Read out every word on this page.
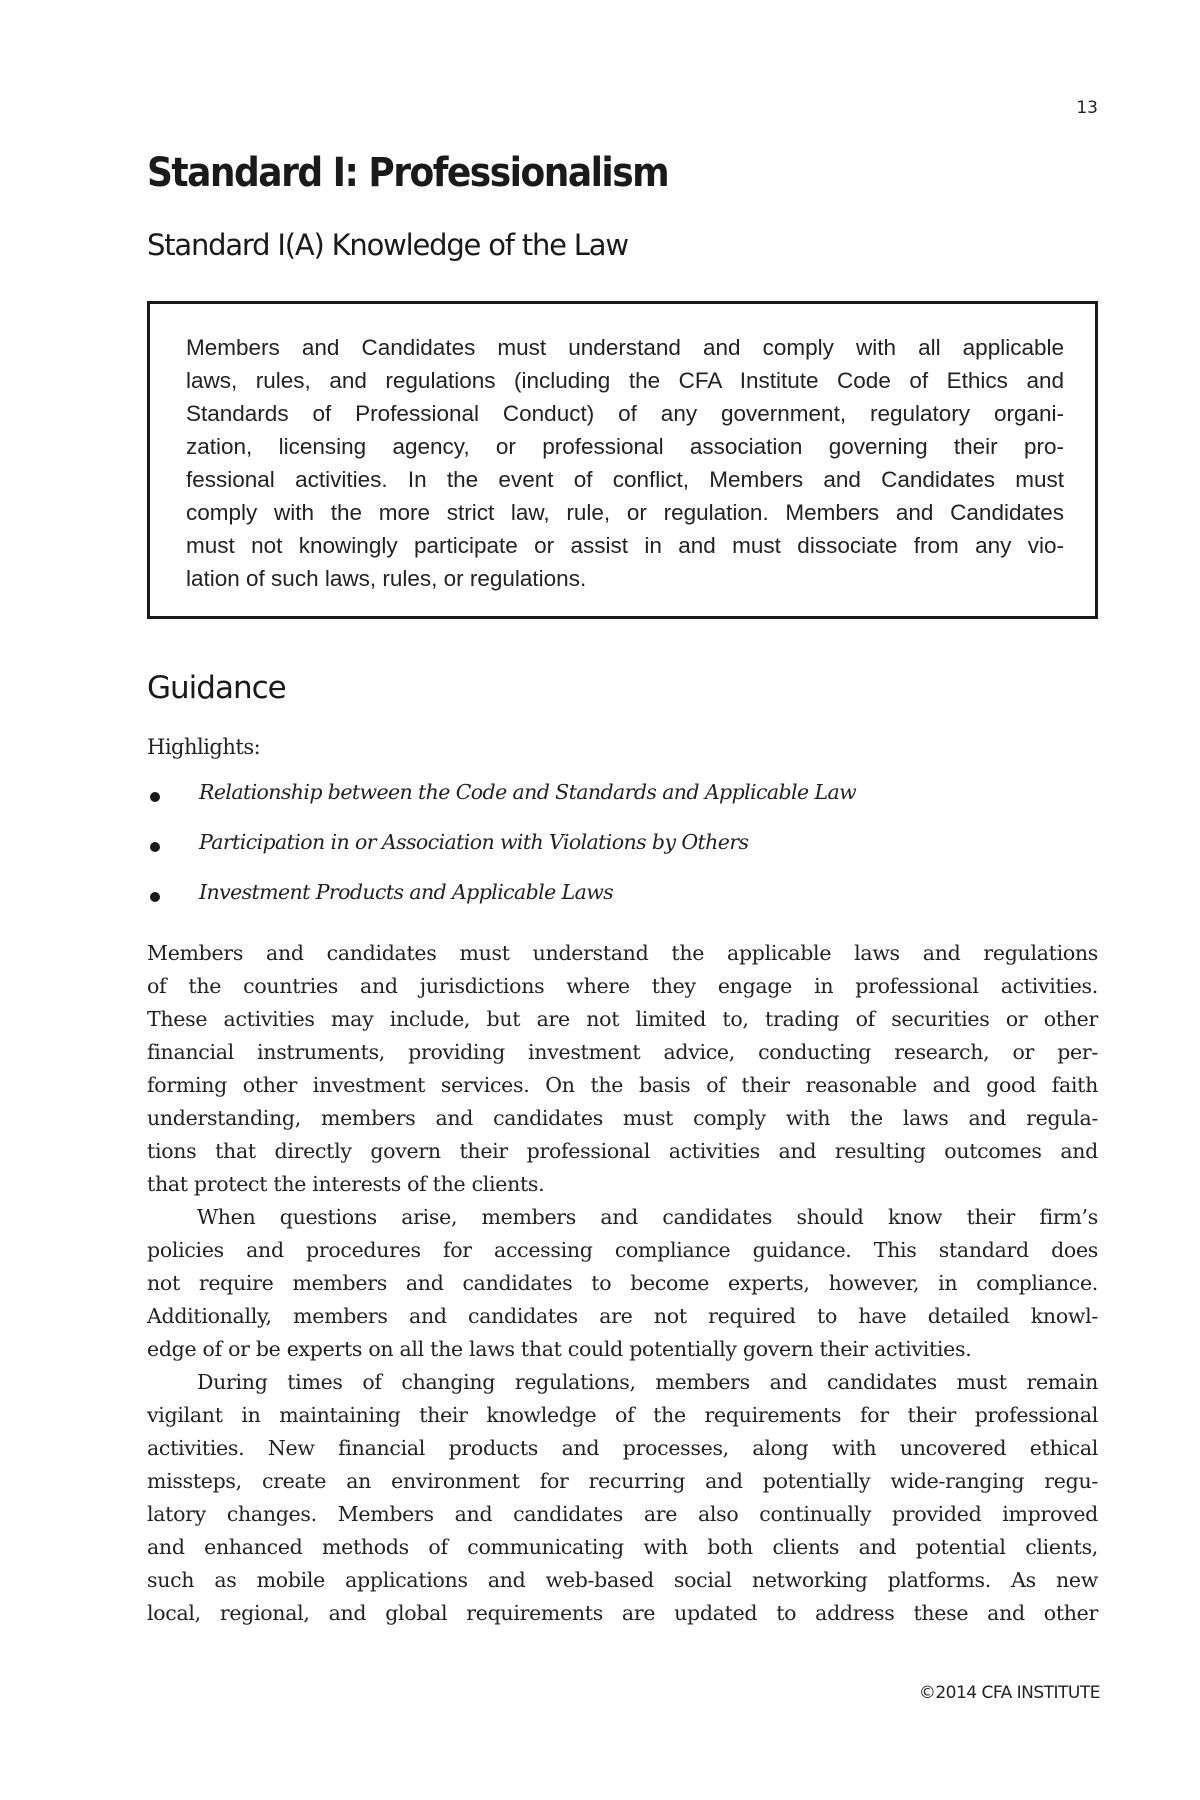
13
Standard I: Professionalism
Standard I(A) Knowledge of the Law
Members and Candidates must understand and comply with all applicable
laws, rules, and regulations (including the CFA Institute Code of Ethics and
Standards of Professional Conduct) of any government, regulatory organi-
zation, licensing agency, or professional association governing their pro-
fessional activities. In the event of conflict, Members and Candidates must
comply with the more strict law, rule, or regulation. Members and Candidates
must not knowingly participate or assist in and must dissociate from any vio-
lation of such laws, rules, or regulations.
Guidance
Highlights:
Relationship between the Code and Standards and Applicable Law
Participation in or Association with Violations by Others
Investment Products and Applicable Laws
Members and candidates must understand the applicable laws and regulations
of the countries and jurisdictions where they engage in professional activities.
These activities may include, but are not limited to, trading of securities or other
financial instruments, providing investment advice, conducting research, or per-
forming other investment services. On the basis of their reasonable and good faith
understanding, members and candidates must comply with the laws and regula-
tions that directly govern their professional activities and resulting outcomes and
that protect the interests of the clients.
When questions arise, members and candidates should know their firm’s
policies and procedures for accessing compliance guidance. This standard does
not require members and candidates to become experts, however, in compliance.
Additionally, members and candidates are not required to have detailed knowl-
edge of or be experts on all the laws that could potentially govern their activities.
During times of changing regulations, members and candidates must remain
vigilant in maintaining their knowledge of the requirements for their professional
activities. New financial products and processes, along with uncovered ethical
missteps, create an environment for recurring and potentially wide-ranging regu-
latory changes. Members and candidates are also continually provided improved
and enhanced methods of communicating with both clients and potential clients,
such as mobile applications and web-based social networking platforms. As new
local, regional, and global requirements are updated to address these and other
©2014 CFA INSTITUTE
